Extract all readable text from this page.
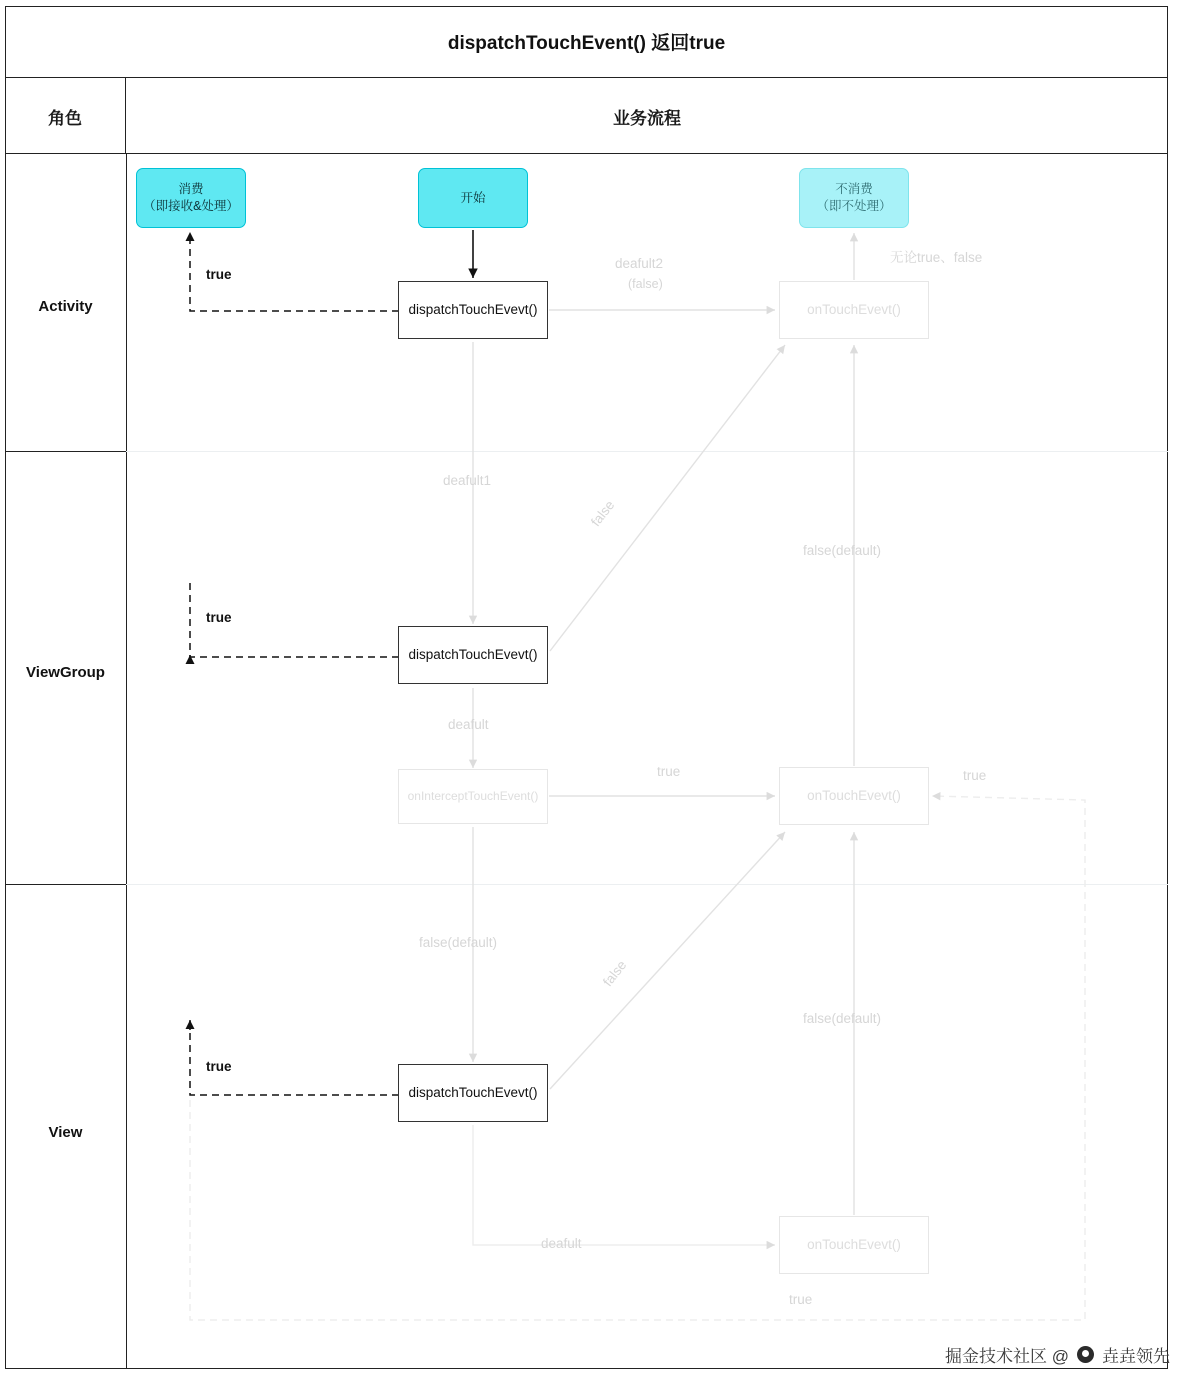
dispatchTouchEvent() 返回true
角色	业务流程
Activity
ViewGroup
View
消费
（即接收&处理）
开始
不消费
（即不处理）
dispatchTouchEvevt()	onTouchEvevt()
dispatchTouchEvevt()
onInterceptTouchEvent()	onTouchEvevt()
dispatchTouchEvevt()
onTouchEvevt()
true
deafult2
(false)
无论true、false
deafult1
false
false(default)
true
deafult
true	true
false(default)
false
false(default)
true
deafult
true
掘金技术社区 @ 垚垚领先
